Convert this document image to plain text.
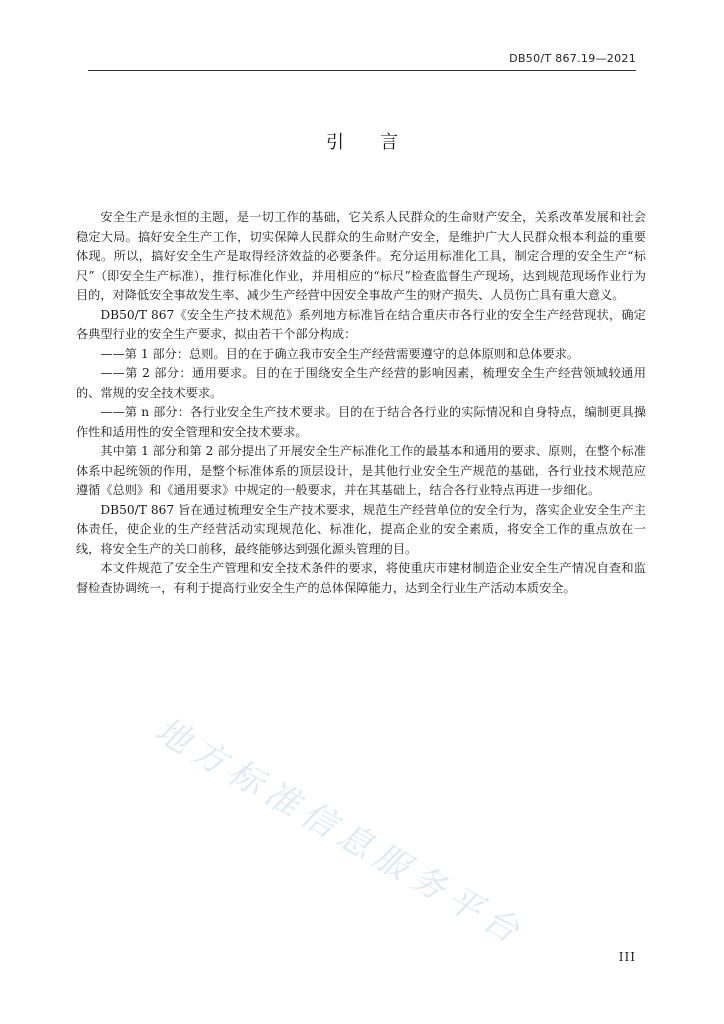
DB50/T 867.19—2021
引言

安全生产是永恒的主题，是一切工作的基础，它关系人民群众的生命财产安全，关系改革发展和社会稳定大局。搞好安全生产工作，切实保障人民群众的生命财产安全，是维护广大人民群众根本利益的重要体现。所以，搞好安全生产是取得经济效益的必要条件。充分运用标准化工具，制定合理的安全生产“标尺”（即安全生产标准），推行标准化作业，并用相应的“标尺”检查监督生产现场，达到规范现场作业行为目的，对降低安全事故发生率、减少生产经营中因安全事故产生的财产损失、人员伤亡具有重大意义。

DB50/T 867《安全生产技术规范》系列地方标准旨在结合重庆市各行业的安全生产经营现状，确定各典型行业的安全生产要求，拟由若干个部分构成：

——第 1 部分：总则。目的在于确立我市安全生产经营需要遵守的总体原则和总体要求。

——第 2 部分：通用要求。目的在于围绕安全生产经营的影响因素，梳理安全生产经营领域较通用的、常规的安全技术要求。

——第 n 部分：各行业安全生产技术要求。目的在于结合各行业的实际情况和自身特点，编制更具操作性和适用性的安全管理和安全技术要求。

其中第 1 部分和第 2 部分提出了开展安全生产标准化工作的最基本和通用的要求、原则，在整个标准体系中起统领的作用，是整个标准体系的顶层设计，是其他行业安全生产规范的基础，各行业技术规范应遵循《总则》和《通用要求》中规定的一般要求，并在其基础上，结合各行业特点再进一步细化。

DB50/T 867 旨在通过梳理安全生产技术要求，规范生产经营单位的安全行为，落实企业安全生产主体责任，使企业的生产经营活动实现规范化、标准化，提高企业的安全素质，将安全工作的重点放在一线，将安全生产的关口前移，最终能够达到强化源头管理的目。

本文件规范了安全生产管理和安全技术条件的要求，将使重庆市建材制造企业安全生产情况自查和监督检查协调统一，有利于提高行业安全生产的总体保障能力，达到全行业生产活动本质安全。

地方标准信息服务平台
III
